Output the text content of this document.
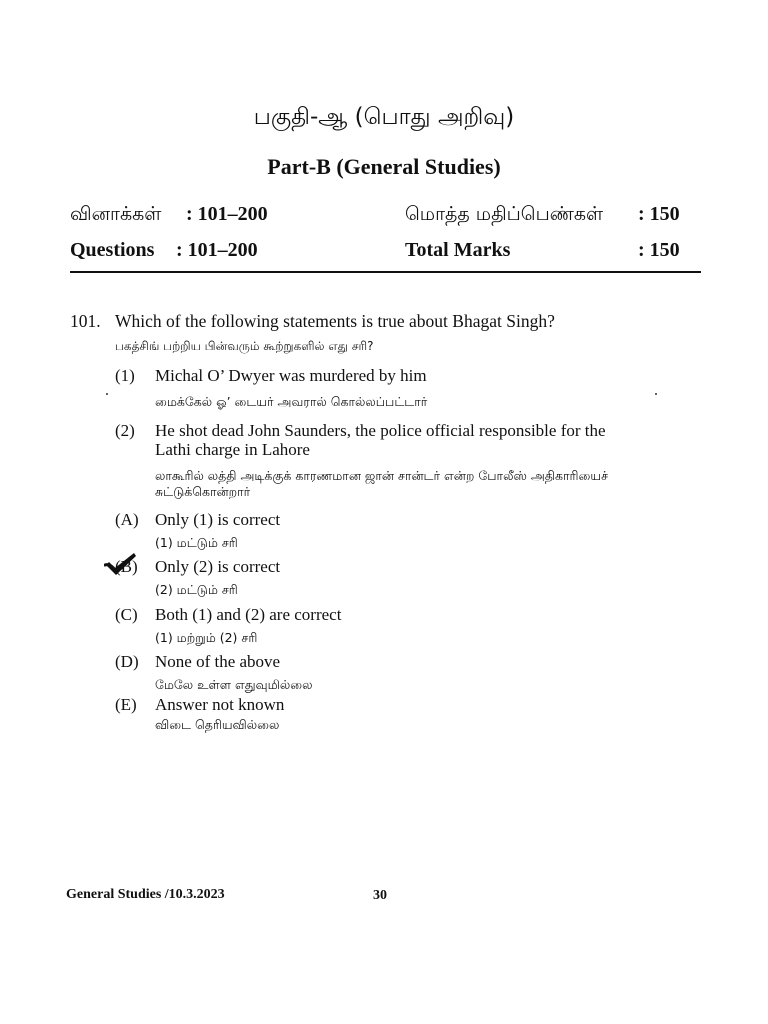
பகுதி-ஆ (பொது அறிவு)
Part-B (General Studies)
வினாக்கள் : 101–200	மொத்த மதிப்பெண்கள் : 150
Questions : 101–200	Total Marks	: 150
101. Which of the following statements is true about Bhagat Singh?
பகத்சிங் பற்றிய பின்வரும் கூற்றுகளில் எது சரி?
(1) Michal O’ Dwyer was murdered by him
மைக்கேல் ஓ’ டையர் அவரால் கொல்லப்பட்டார்
(2) He shot dead John Saunders, the police official responsible for the
Lathi charge in Lahore
லாகூரில் லத்தி அடிக்குக் காரணமான ஜான் சான்டர் என்ற போலீஸ் அதிகாரியைச்
சுட்டுக்கொன்றார்
(A) Only (1) is correct
(1) மட்டும் சரி
(B) Only (2) is correct
(2) மட்டும் சரி
(C) Both (1) and (2) are correct
(1) மற்றும் (2) சரி
(D) None of the above
மேலே உள்ள எதுவுமில்லை
(E) Answer not known
விடை தெரியவில்லை
General Studies /10.3.2023	30
